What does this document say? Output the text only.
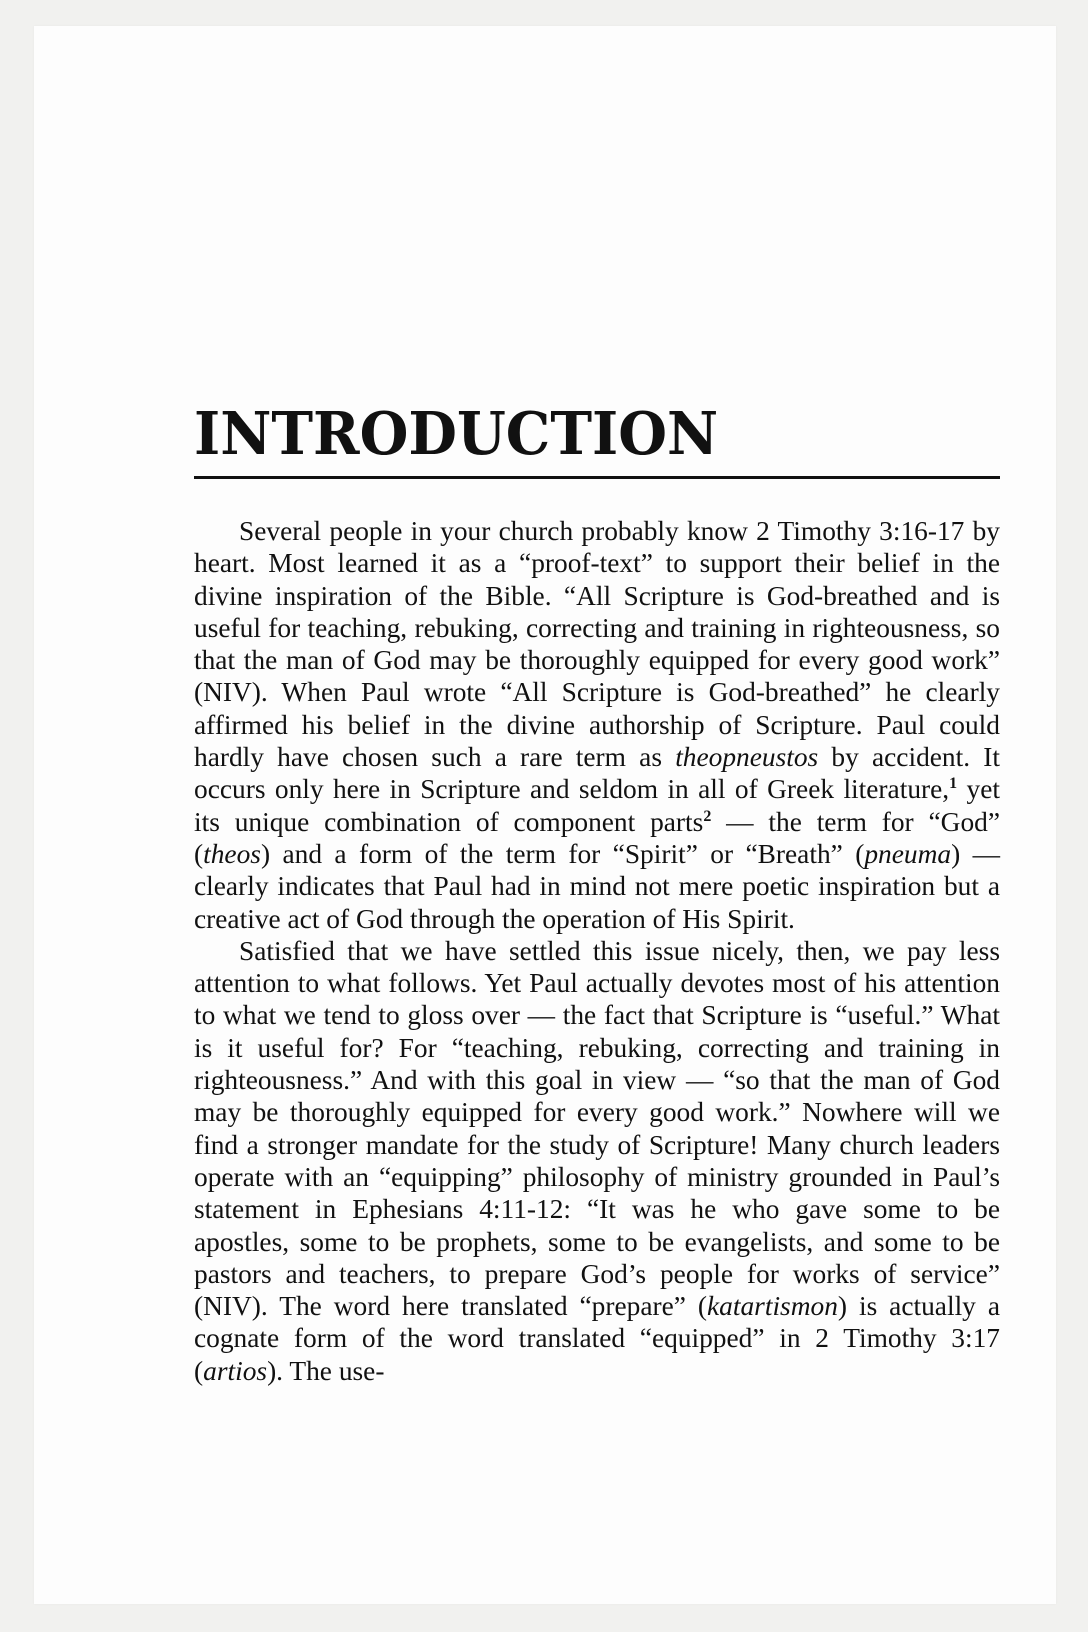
INTRODUCTION

Several people in your church probably know 2 Timothy 3:16-17 by heart. Most learned it as a “proof-text” to support their belief in the divine inspiration of the Bible. “All Scripture is God-breathed and is useful for teaching, rebuking, correcting and training in righteousness, so that the man of God may be thoroughly equipped for every good work” (NIV). When Paul wrote “All Scripture is God-breathed” he clearly affirmed his belief in the divine authorship of Scripture. Paul could hardly have chosen such a rare term as theopneustos by accident. It occurs only here in Scripture and seldom in all of Greek literature,$^1$ yet its unique combination of component parts$^2$ — the term for “God” (theos) and a form of the term for “Spirit” or “Breath” (pneuma) — clearly indicates that Paul had in mind not mere poetic inspiration but a creative act of God through the operation of His Spirit.

Satisfied that we have settled this issue nicely, then, we pay less attention to what follows. Yet Paul actually devotes most of his attention to what we tend to gloss over — the fact that Scripture is “useful.” What is it useful for? For “teaching, rebuking, correcting and training in righteousness.” And with this goal in view — “so that the man of God may be thoroughly equipped for every good work.” Nowhere will we find a stronger mandate for the study of Scripture! Many church leaders operate with an “equipping” philosophy of ministry grounded in Paul’s statement in Ephesians 4:11-12: “It was he who gave some to be apostles, some to be prophets, some to be evangelists, and some to be pastors and teachers, to prepare God’s people for works of service” (NIV). The word here translated “prepare” (katartismon) is actually a cognate form of the word translated “equipped” in 2 Timothy 3:17 (artios). The use-
